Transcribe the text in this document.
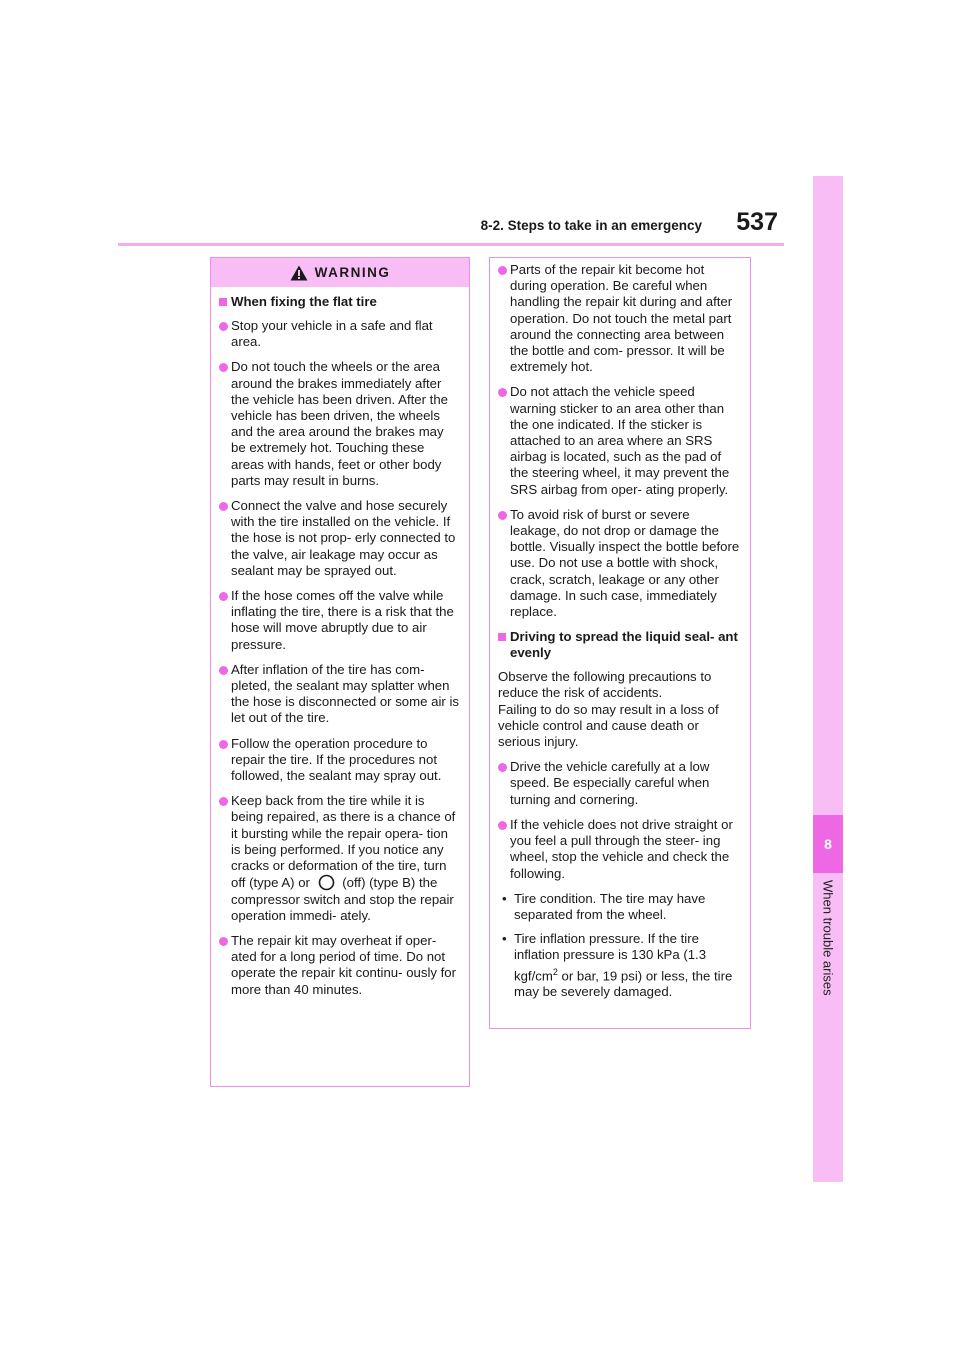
8-2. Steps to take in an emergency	537
8
When trouble arises
WARNING
When fixing the flat tire
Stop your vehicle in a safe and flat area.
Do not touch the wheels or the area around the brakes immediately after the vehicle has been driven. After the vehicle has been driven, the wheels and the area around the brakes may be extremely hot. Touching these areas with hands, feet or other body parts may result in burns.
Connect the valve and hose securely with the tire installed on the vehicle. If the hose is not prop- erly connected to the valve, air leakage may occur as sealant may be sprayed out.
If the hose comes off the valve while inflating the tire, there is a risk that the hose will move abruptly due to air pressure.
After inflation of the tire has com- pleted, the sealant may splatter when the hose is disconnected or some air is let out of the tire.
Follow the operation procedure to repair the tire. If the procedures not followed, the sealant may spray out.
Keep back from the tire while it is being repaired, as there is a chance of it bursting while the repair opera- tion is being performed. If you notice any cracks or deformation of the tire, turn off (type A) or (off) (type B) the compressor switch and stop the repair operation immedi- ately.
The repair kit may overheat if oper- ated for a long period of time. Do not operate the repair kit continu- ously for more than 40 minutes.
Parts of the repair kit become hot during operation. Be careful when handling the repair kit during and after operation. Do not touch the metal part around the connecting area between the bottle and com- pressor. It will be extremely hot.
Do not attach the vehicle speed warning sticker to an area other than the one indicated. If the sticker is attached to an area where an SRS airbag is located, such as the pad of the steering wheel, it may prevent the SRS airbag from oper- ating properly.
To avoid risk of burst or severe leakage, do not drop or damage the bottle. Visually inspect the bottle before use. Do not use a bottle with shock, crack, scratch, leakage or any other damage. In such case, immediately replace.
Driving to spread the liquid seal- ant evenly
Observe the following precautions to reduce the risk of accidents.
Failing to do so may result in a loss of vehicle control and cause death or serious injury.
Drive the vehicle carefully at a low speed. Be especially careful when turning and cornering.
If the vehicle does not drive straight or you feel a pull through the steer- ing wheel, stop the vehicle and check the following.
• Tire condition. The tire may have separated from the wheel.
• Tire inflation pressure. If the tire inflation pressure is 130 kPa (1.3 kgf/$cm^2$ or bar, 19 psi) or less, the tire may be severely damaged.
